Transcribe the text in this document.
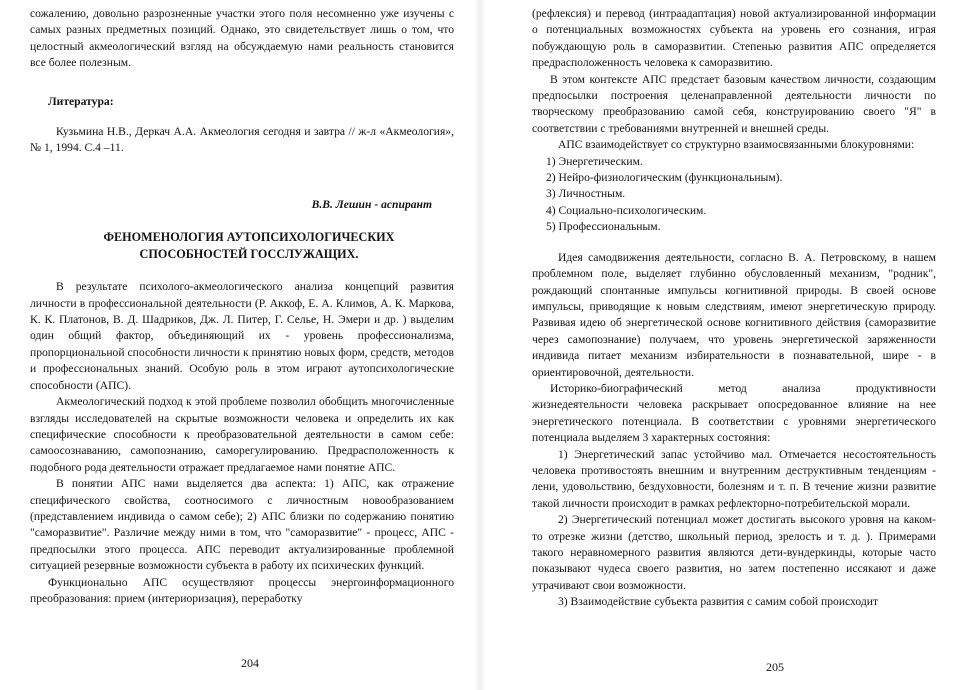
сожалению, довольно разрозненные участки этого поля несомненно уже изучены с самых разных предметных позиций. Однако, это свидетельствует лишь о том, что целостный акмеологический взгляд на обсуждаемую нами реальность становится все более полезным.

Литература:

Кузьмина Н.В., Деркач А.А. Акмеология сегодня и завтра // ж-л «Акмеология», № 1, 1994. С.4 –11.

В.В. Лешин - аспирант
ФЕНОМЕНОЛОГИЯ АУТОПСИХОЛОГИЧЕСКИХ
СПОСОБНОСТЕЙ ГОССЛУЖАЩИХ.

В результате психолого-акмеологического анализа концепций развития личности в профессиональной деятельности (Р. Аккоф, Е. А. Климов, А. К. Маркова, К. К. Платонов, В. Д. Шадриков, Дж. Л. Питер, Г. Селье, Н. Эмери и др. ) выделим один общий фактор, объединяющий их - уровень профессионализма, пропорциональной способности личности к принятию новых форм, средств, методов и профессиональных знаний. Особую роль в этом играют аутопсихологические способности (АПС).

Акмеологический подход к этой проблеме позволил обобщить многочисленные взгляды исследователей на скрытые возможности человека и определить их как специфические способности к преобразовательной деятельности в самом себе: самоосознаванию, самопознанию, саморегулированию. Предрасположенность к подобного рода деятельности отражает предлагаемое нами понятие АПС.

В понятии АПС нами выделяется два аспекта: 1) АПС, как отражение специфического свойства, соотносимого с личностным новообразованием (представлением индивида о самом себе); 2) АПС близки по содержанию понятию "саморазвитие". Различие между ними в том, что "саморазвитие" - процесс, АПС - предпосылки этого процесса. АПС переводит актуализированные проблемной ситуацией резервные возможности субъекта в работу их психических функций.

Функционально АПС осуществляют процессы энергоинформационного преобразования: прием (интериоризация), переработку

204

(рефлексия) и перевод (интраадаптация) новой актуализированной информации о потенциальных возможностях субъекта на уровень его сознания, играя побуждающую роль в саморазвитии. Степенью развития АПС определяется предрасположенность человека к саморазвитию.

В этом контексте АПС предстает базовым качеством личности, создающим предпосылки построения целенаправленной деятельности личности по творческому преобразованию самой себя, конструированию своего "Я" в соответствии с требованиями внутренней и внешней среды.

АПС взаимодействует со структурно взаимосвязанными блокуровнями:

1) Энергетическим.
2) Нейро-физиологическим (функциональным).
3) Личностным.
4) Социально-психологическим.
5) Профессиональным.

Идея самодвижения деятельности, согласно В. А. Петровскому, в нашем проблемном поле, выделяет глубинно обусловленный механизм, "родник", рождающий спонтанные импульсы когнитивной природы. В своей основе импульсы, приводящие к новым следствиям, имеют энергетическую природу. Развивая идею об энергетической основе когнитивного действия (саморазвитие через самопознание) получаем, что уровень энергетической заряженности индивида питает механизм избирательности в познавательной, шире - в ориентировочной, деятельности.

Историко-биографический метод анализа продуктивности жизнедеятельности человека раскрывает опосредованное влияние на нее энергетического потенциала. В соответствии с уровнями энергетического потенциала выделяем 3 характерных состояния:

1) Энергетический запас устойчиво мал. Отмечается несостоятельность человека противостоять внешним и внутренним деструктивным тенденциям - лени, удовольствию, бездуховности, болезням и т. п. В течение жизни развитие такой личности происходит в рамках рефлекторно-потребительской морали.

2) Энергетический потенциал может достигать высокого уровня на каком-то отрезке жизни (детство, школьный период, зрелость и т. д. ). Примерами такого неравномерного развития являются дети-вундеркинды, которые часто показывают чудеса своего развития, но затем постепенно иссякают и даже утрачивают свои возможности.

3) Взаимодействие субъекта развития с самим собой происходит

205
